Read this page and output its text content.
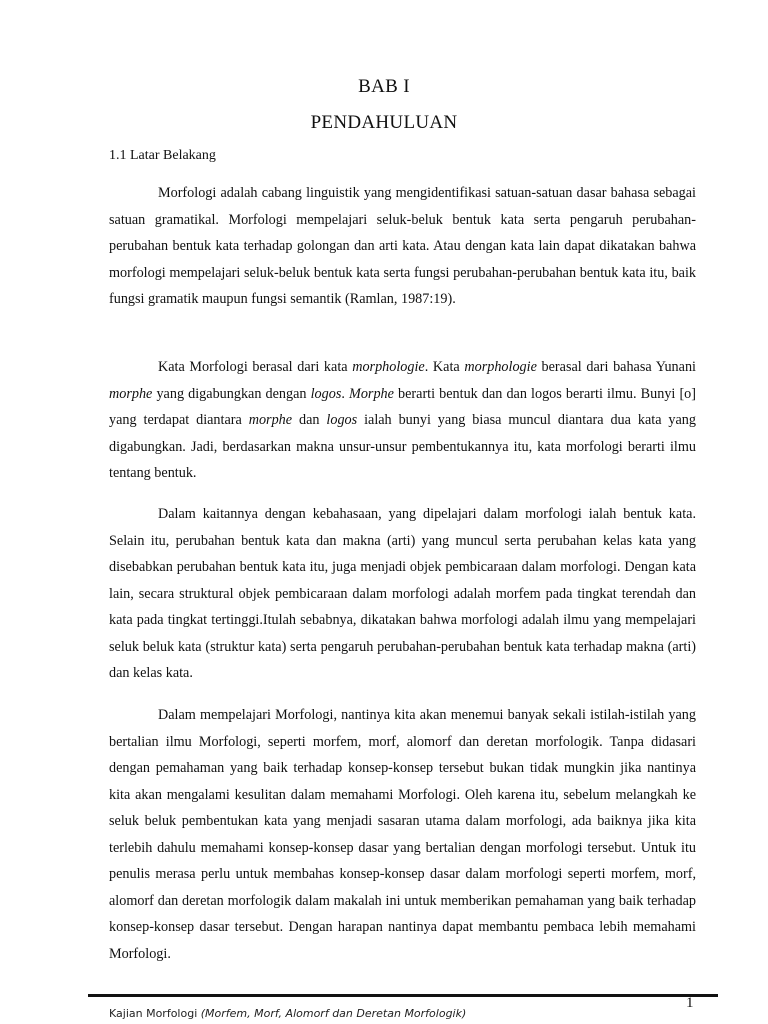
BAB I
PENDAHULUAN
1.1 Latar Belakang

Morfologi adalah cabang linguistik yang mengidentifikasi satuan-satuan dasar bahasa sebagai satuan gramatikal. Morfologi mempelajari seluk-beluk bentuk kata serta pengaruh perubahan-perubahan bentuk kata terhadap golongan dan arti kata. Atau dengan kata lain dapat dikatakan bahwa morfologi mempelajari seluk-beluk bentuk kata serta fungsi perubahan-perubahan bentuk kata itu, baik fungsi gramatik maupun fungsi semantik (Ramlan, 1987:19).

Kata Morfologi berasal dari kata morphologie. Kata morphologie berasal dari bahasa Yunani morphe yang digabungkan dengan logos. Morphe berarti bentuk dan dan logos berarti ilmu. Bunyi [o] yang terdapat diantara morphe dan logos ialah bunyi yang biasa muncul diantara dua kata yang digabungkan. Jadi, berdasarkan makna unsur-unsur pembentukannya itu, kata morfologi berarti ilmu tentang bentuk.

Dalam kaitannya dengan kebahasaan, yang dipelajari dalam morfologi ialah bentuk kata. Selain itu, perubahan bentuk kata dan makna (arti) yang muncul serta perubahan kelas kata yang disebabkan perubahan bentuk kata itu, juga menjadi objek pembicaraan dalam morfologi. Dengan kata lain, secara struktural objek pembicaraan dalam morfologi adalah morfem pada tingkat terendah dan kata pada tingkat tertinggi.Itulah sebabnya, dikatakan bahwa morfologi adalah ilmu yang mempelajari seluk beluk kata (struktur kata) serta pengaruh perubahan-perubahan bentuk kata terhadap makna (arti) dan kelas kata.

Dalam mempelajari Morfologi, nantinya kita akan menemui banyak sekali istilah-istilah yang bertalian ilmu Morfologi, seperti morfem, morf, alomorf dan deretan morfologik. Tanpa didasari dengan pemahaman yang baik terhadap konsep-konsep tersebut bukan tidak mungkin jika nantinya kita akan mengalami kesulitan dalam memahami Morfologi. Oleh karena itu, sebelum melangkah ke seluk beluk pembentukan kata yang menjadi sasaran utama dalam morfologi, ada baiknya jika kita terlebih dahulu memahami konsep-konsep dasar yang bertalian dengan morfologi tersebut. Untuk itu penulis merasa perlu untuk membahas konsep-konsep dasar dalam morfologi seperti morfem, morf, alomorf dan deretan morfologik dalam makalah ini untuk memberikan pemahaman yang baik terhadap konsep-konsep dasar tersebut. Dengan harapan nantinya dapat membantu pembaca lebih memahami Morfologi.

1
Kajian Morfologi (Morfem, Morf, Alomorf dan Deretan Morfologik)
